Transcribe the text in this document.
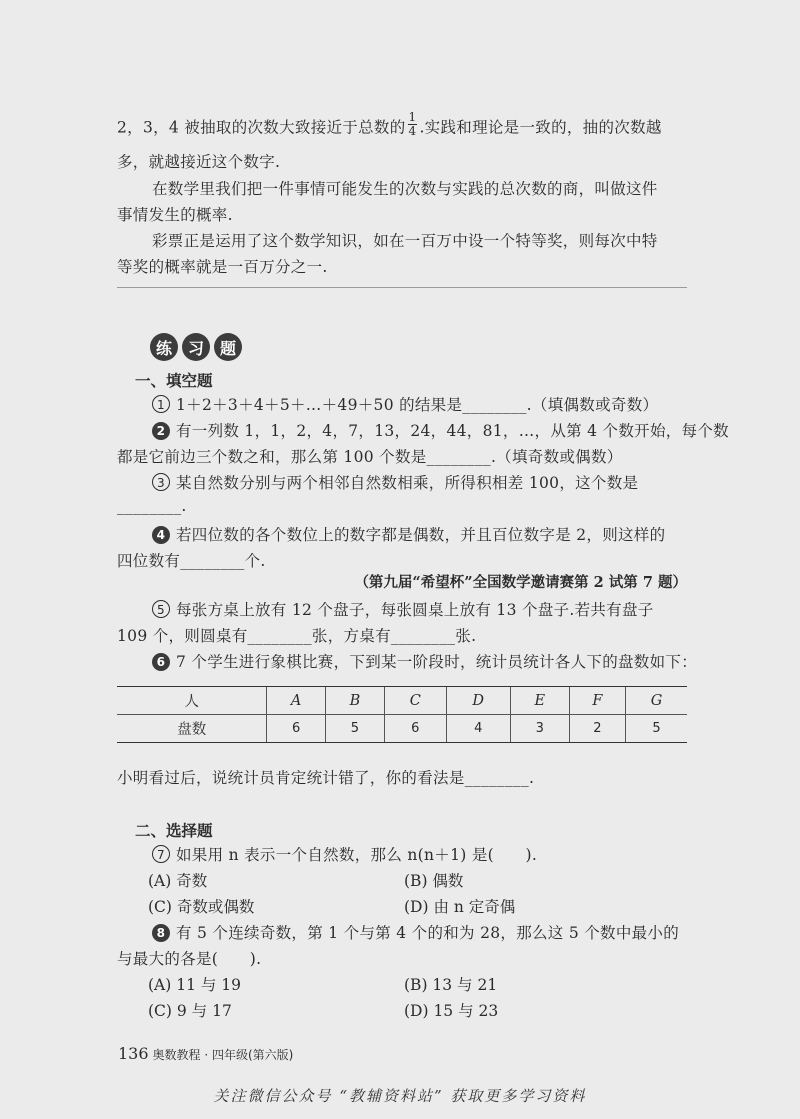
2，3，4 被抽取的次数大致接近于总数的 $\frac{1}{4}$ .实践和理论是一致的，抽的次数越
多，就越接近这个数字.
在数学里我们把一件事情可能发生的次数与实践的总次数的商，叫做这件
事情发生的概率.
彩票正是运用了这个数学知识，如在一百万中设一个特等奖，则每次中特
等奖的概率就是一百万分之一.
练 习 题
一、填空题
1 1＋2＋3＋4＋5＋…＋49＋50 的结果是________.（填偶数或奇数）
2 有一列数 1，1，2，4，7，13，24，44，81，…，从第 4 个数开始，每个数
都是它前边三个数之和，那么第 100 个数是________.（填奇数或偶数）
3 某自然数分别与两个相邻自然数相乘，所得积相差 100，这个数是
________.
4 若四位数的各个数位上的数字都是偶数，并且百位数字是 2，则这样的
四位数有________个.
（第九届“希望杯”全国数学邀请赛第 2 试第 7 题）
5 每张方桌上放有 12 个盘子，每张圆桌上放有 13 个盘子.若共有盘子
109 个，则圆桌有________张，方桌有________张.
6 7 个学生进行象棋比赛，下到某一阶段时，统计员统计各人下的盘数如下：
人	A	B	C	D	E	F	G
盘数	6	5	6	4	3	2	5
小明看过后，说统计员肯定统计错了，你的看法是________.
二、选择题
7 如果用 n 表示一个自然数，那么 n(n＋1) 是(　　).
(A) 奇数	(B) 偶数
(C) 奇数或偶数	(D) 由 n 定奇偶
8 有 5 个连续奇数，第 1 个与第 4 个的和为 28，那么这 5 个数中最小的
与最大的各是(　　).
(A) 11 与 19	(B) 13 与 21
(C) 9 与 17	(D) 15 与 23
136 奥数教程 · 四年级(第六版)
关注微信公众号 “教辅资料站” 获取更多学习资料
